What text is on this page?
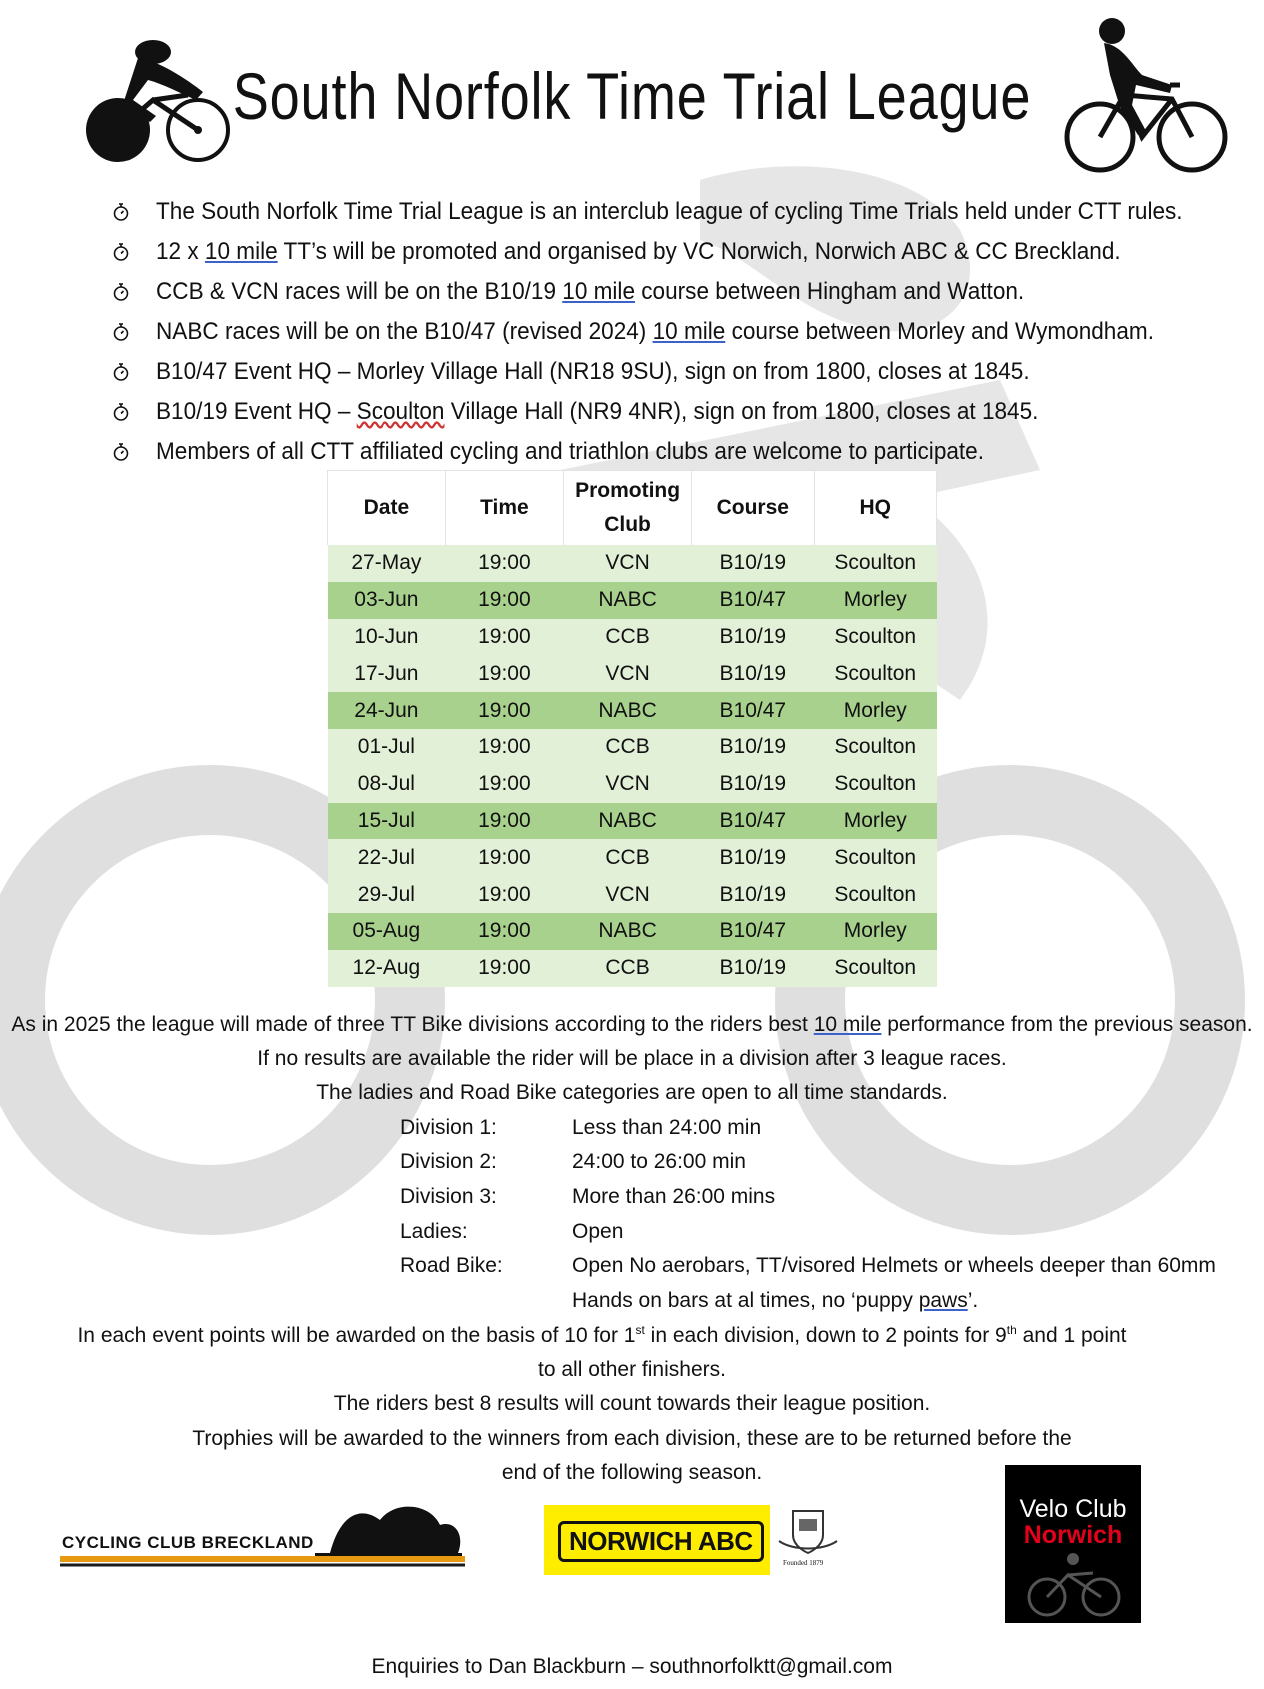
South Norfolk Time Trial League
The South Norfolk Time Trial League is an interclub league of cycling Time Trials held under CTT rules.
12 x 10 mile TT’s will be promoted and organised by VC Norwich, Norwich ABC & CC Breckland.
CCB & VCN races will be on the B10/19 10 mile course between Hingham and Watton.
NABC races will be on the B10/47 (revised 2024) 10 mile course between Morley and Wymondham.
B10/47 Event HQ – Morley Village Hall (NR18 9SU), sign on from 1800, closes at 1845.
B10/19 Event HQ – Scoulton Village Hall (NR9 4NR), sign on from 1800, closes at 1845.
Members of all CTT affiliated cycling and triathlon clubs are welcome to participate.
Date	Time	Promoting Club	Course	HQ
27-May	19:00	VCN	B10/19	Scoulton
03-Jun	19:00	NABC	B10/47	Morley
10-Jun	19:00	CCB	B10/19	Scoulton
17-Jun	19:00	VCN	B10/19	Scoulton
24-Jun	19:00	NABC	B10/47	Morley
01-Jul	19:00	CCB	B10/19	Scoulton
08-Jul	19:00	VCN	B10/19	Scoulton
15-Jul	19:00	NABC	B10/47	Morley
22-Jul	19:00	CCB	B10/19	Scoulton
29-Jul	19:00	VCN	B10/19	Scoulton
05-Aug	19:00	NABC	B10/47	Morley
12-Aug	19:00	CCB	B10/19	Scoulton
As in 2025 the league will made of three TT Bike divisions according to the riders best 10 mile performance from the previous season.
If no results are available the rider will be place in a division after 3 league races.
The ladies and Road Bike categories are open to all time standards.
Division 1:	Less than 24:00 min
Division 2:	24:00 to 26:00 min
Division 3:	More than 26:00 mins
Ladies:	Open
Road Bike:	Open No aerobars, TT/visored Helmets or wheels deeper than 60mm
Hands on bars at al times, no ‘puppy paws’.
In each event points will be awarded on the basis of 10 for 1st in each division, down to 2 points for 9th and 1 point
to all other finishers.
The riders best 8 results will count towards their league position.
Trophies will be awarded to the winners from each division, these are to be returned before the
end of the following season.
CYCLING CLUB BRECKLAND	NORWICH ABC
Founded 1879
Velo Club
Norwich
Enquiries to Dan Blackburn – southnorfolktt@gmail.com
